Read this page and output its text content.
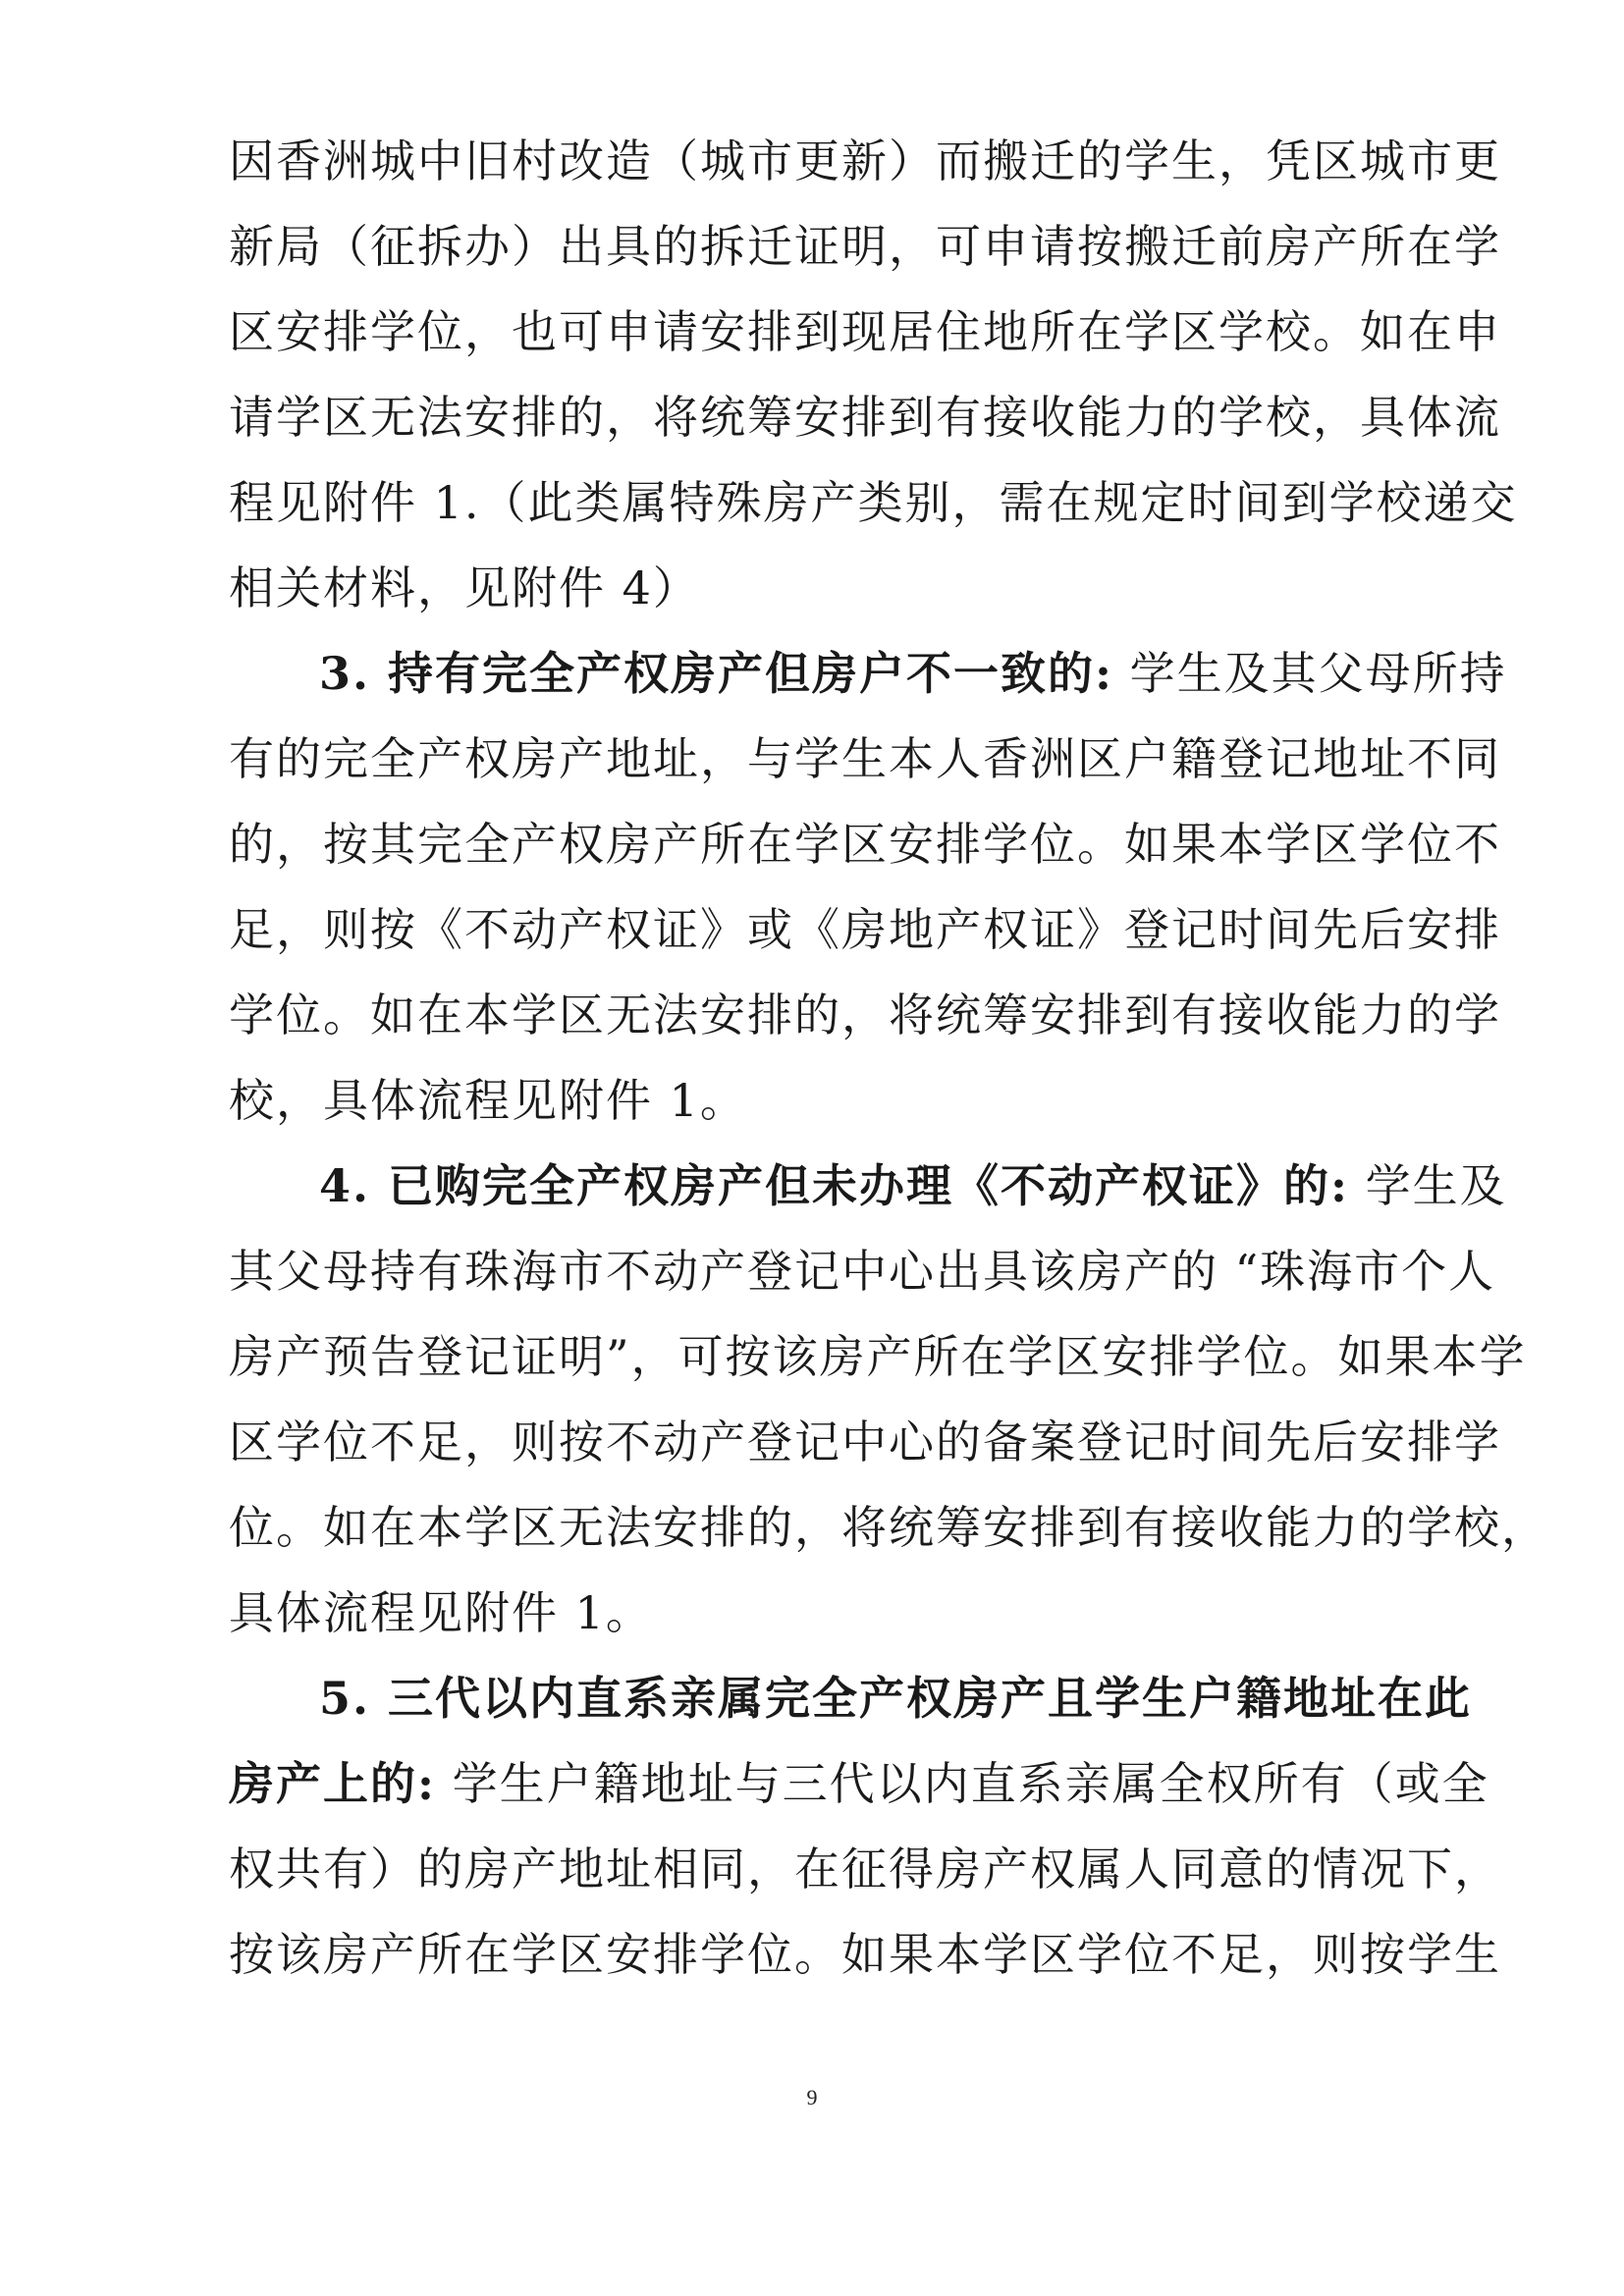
因香洲城中旧村改造（城市更新）而搬迁的学生，凭区城市更
新局（征拆办）出具的拆迁证明，可申请按搬迁前房产所在学
区安排学位，也可申请安排到现居住地所在学区学校。如在申
请学区无法安排的，将统筹安排到有接收能力的学校，具体流
程见附件 1.（此类属特殊房产类别，需在规定时间到学校递交
相关材料，见附件 4）
3. 持有完全产权房产但房户不一致的: 学生及其父母所持
有的完全产权房产地址，与学生本人香洲区户籍登记地址不同
的，按其完全产权房产所在学区安排学位。如果本学区学位不
足，则按《不动产权证》或《房地产权证》登记时间先后安排
学位。如在本学区无法安排的，将统筹安排到有接收能力的学
校，具体流程见附件 1。
4. 已购完全产权房产但未办理《不动产权证》的: 学生及
其父母持有珠海市不动产登记中心出具该房产的 “珠海市个人
房产预告登记证明”，可按该房产所在学区安排学位。如果本学
区学位不足，则按不动产登记中心的备案登记时间先后安排学
位。如在本学区无法安排的，将统筹安排到有接收能力的学校，
具体流程见附件 1。
5. 三代以内直系亲属完全产权房产且学生户籍地址在此
房产上的: 学生户籍地址与三代以内直系亲属全权所有（或全
权共有）的房产地址相同，在征得房产权属人同意的情况下，
按该房产所在学区安排学位。如果本学区学位不足，则按学生
9
